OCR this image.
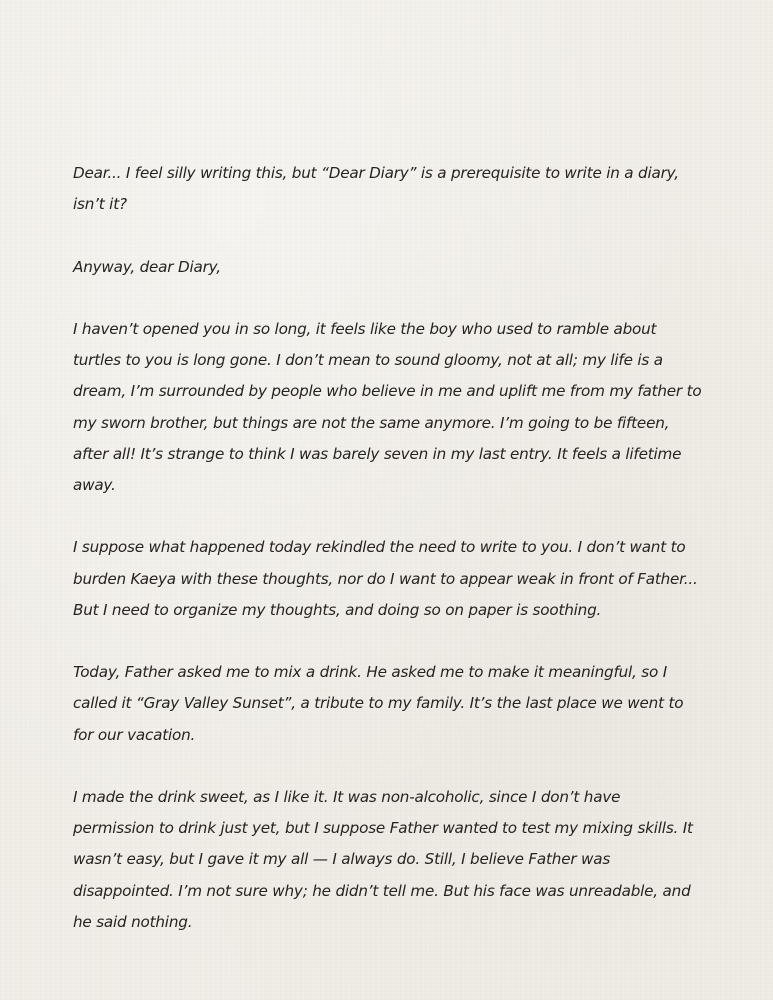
Dear... I feel silly writing this, but “Dear Diary” is a prerequisite to write in a diary, isn’t it?

Anyway, dear Diary,

I haven’t opened you in so long, it feels like the boy who used to ramble about turtles to you is long gone. I don’t mean to sound gloomy, not at all; my life is a dream, I’m surrounded by people who believe in me and uplift me from my father to my sworn brother, but things are not the same anymore. I’m going to be fifteen, after all! It’s strange to think I was barely seven in my last entry. It feels a lifetime away.

I suppose what happened today rekindled the need to write to you. I don’t want to burden Kaeya with these thoughts, nor do I want to appear weak in front of Father... But I need to organize my thoughts, and doing so on paper is soothing.

Today, Father asked me to mix a drink. He asked me to make it meaningful, so I called it “Gray Valley Sunset”, a tribute to my family. It’s the last place we went to for our vacation.

I made the drink sweet, as I like it. It was non-alcoholic, since I don’t have permission to drink just yet, but I suppose Father wanted to test my mixing skills. It wasn’t easy, but I gave it my all — I always do. Still, I believe Father was disappointed. I’m not sure why; he didn’t tell me. But his face was unreadable, and he said nothing.
